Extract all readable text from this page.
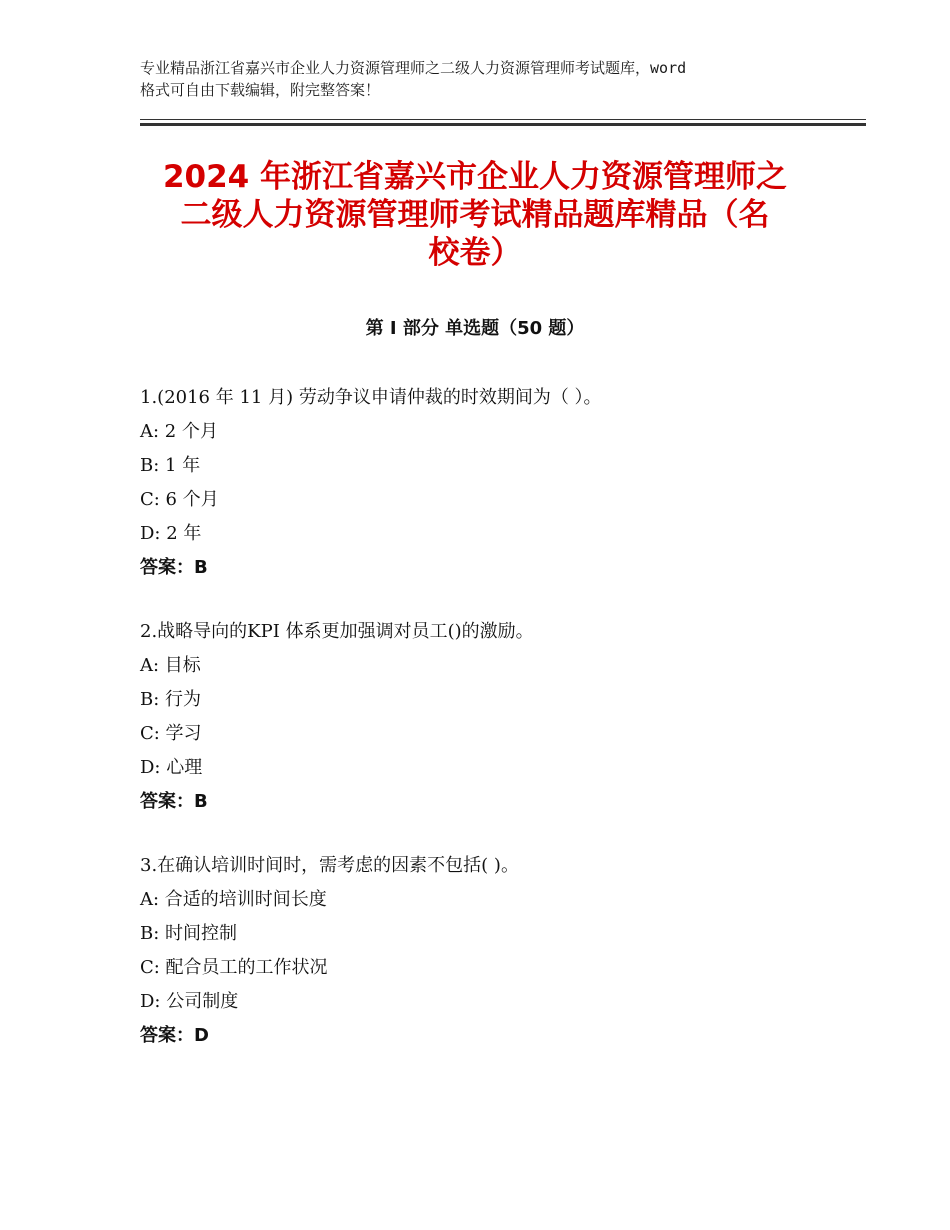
专业精品浙江省嘉兴市企业人力资源管理师之二级人力资源管理师考试题库，word
格式可自由下载编辑，附完整答案！
2024 年浙江省嘉兴市企业人力资源管理师之
二级人力资源管理师考试精品题库精品（名
校卷）
第 I 部分 单选题（50 题）
1.(2016 年 11 月) 劳动争议申请仲裁的时效期间为（ ）。
A: 2 个月
B: 1 年
C: 6 个月
D: 2 年
答案：B
2.战略导向的KPI 体系更加强调对员工()的激励。
A: 目标
B: 行为
C: 学习
D: 心理
答案：B
3.在确认培训时间时，需考虑的因素不包括( )。
A: 合适的培训时间长度
B: 时间控制
C: 配合员工的工作状况
D: 公司制度
答案：D
